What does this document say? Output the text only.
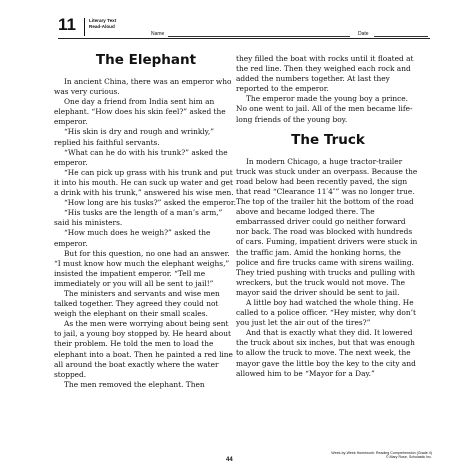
11	Literary Text
Read-Aloud
Name	Date
The Elephant

In ancient China, there was an emperor who was very curious.

One day a friend from India sent him an elephant. “How does his skin feel?” asked the emperor.

“His skin is dry and rough and wrinkly,” replied his faithful servants.

“What can he do with his trunk?” asked the emperor.

“He can pick up grass with his trunk and put it into his mouth. He can suck up water and get a drink with his trunk,” answered his wise men.

“How long are his tusks?” asked the emperor.

“His tusks are the length of a man’s arm,” said his ministers.

“How much does he weigh?” asked the emperor.

But for this question, no one had an answer. “I must know how much the elephant weighs,” insisted the impatient emperor. “Tell me immediately or you will all be sent to jail!”

The ministers and servants and wise men talked together. They agreed they could not weigh the elephant on their small scales.

As the men were worrying about being sent to jail, a young boy stopped by. He heard about their problem. He told the men to load the elephant into a boat. Then he painted a red line all around the boat exactly where the water stopped.

The men removed the elephant. Then

they filled the boat with rocks until it floated at the red line. Then they weighed each rock and added the numbers together. At last they reported to the emperor.

The emperor made the young boy a prince. No one went to jail. All of the men became life-long friends of the young boy.

The Truck

In modern Chicago, a huge tractor-trailer truck was stuck under an overpass. Because the road below had been recently paved, the sign that read “Clearance 11′4″” was no longer true. The top of the trailer hit the bottom of the road above and became lodged there. The embarrassed driver could go neither forward nor back. The road was blocked with hundreds of cars. Fuming, impatient drivers were stuck in the traffic jam. Amid the honking horns, the police and fire trucks came with sirens wailing. They tried pushing with trucks and pulling with wreckers, but the truck would not move. The mayor said the driver should be sent to jail.

A little boy had watched the whole thing. He called to a police officer. “Hey mister, why don’t you just let the air out of the tires?”

And that is exactly what they did. It lowered the truck about six inches, but that was enough to allow the truck to move. The next week, the mayor gave the little boy the key to the city and allowed him to be “Mayor for a Day.”

44
Week-by-Week Homework: Reading Comprehension (Grade 4)
© Mary Rose, Scholastic Inc.
